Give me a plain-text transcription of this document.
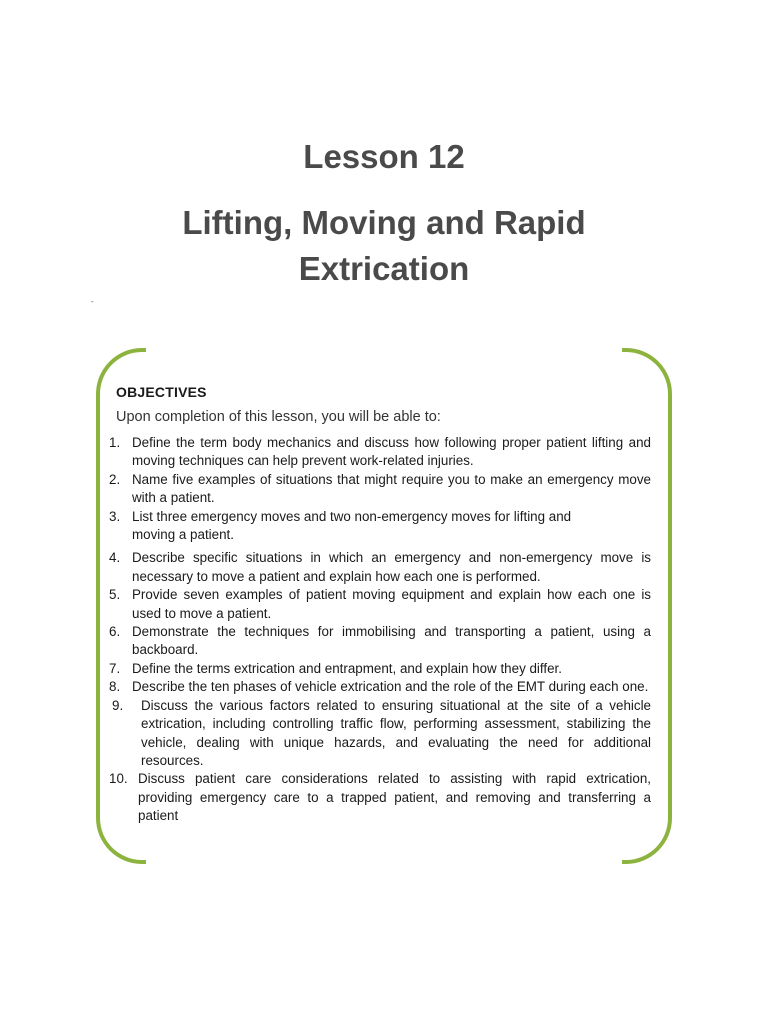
Lesson 12
Lifting, Moving and Rapid Extrication
-
OBJECTIVES

Upon completion of this lesson, you will be able to:

1. Define the term body mechanics and discuss how following proper patient lifting and moving techniques can help prevent work-related injuries.
2. Name five examples of situations that might require you to make an emergency move with a patient.
3. List three emergency moves and two non-emergency moves for lifting and moving a patient.
4. Describe specific situations in which an emergency and non-emergency move is necessary to move a patient and explain how each one is performed.
5. Provide seven examples of patient moving equipment and explain how each one is used to move a patient.
6. Demonstrate the techniques for immobilising and transporting a patient, using a backboard.
7. Define the terms extrication and entrapment, and explain how they differ.
8. Describe the ten phases of vehicle extrication and the role of the EMT during each one.
9.	Discuss the various factors related to ensuring situational at the site of a vehicle extrication, including controlling traffic flow, performing assessment, stabilizing the vehicle, dealing with unique hazards, and evaluating the need for additional resources.
10. Discuss patient care considerations related to assisting with rapid extrication, providing emergency care to a trapped patient, and removing and transferring a patient
